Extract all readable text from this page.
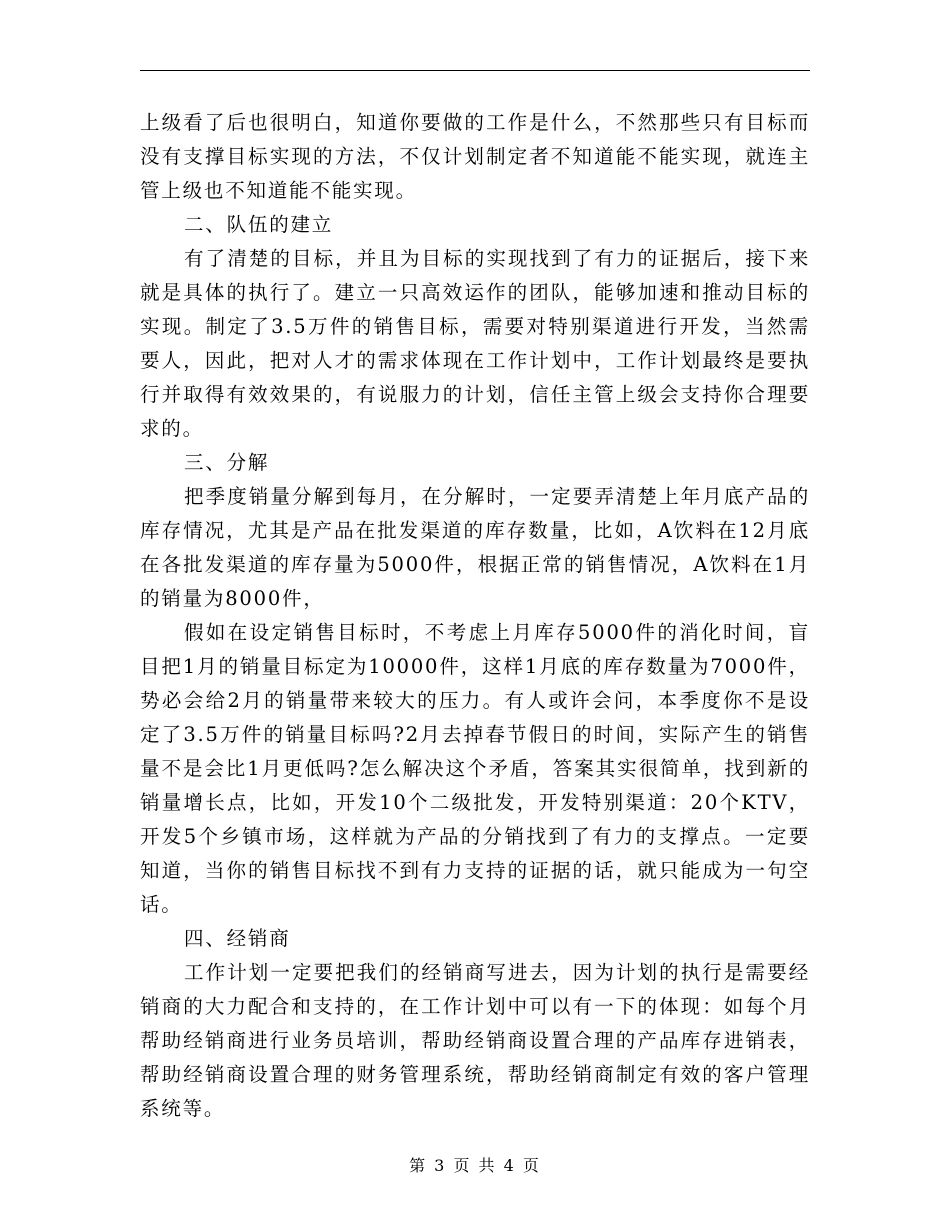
上级看了后也很明白，知道你要做的工作是什么，不然那些只有目标而没有支撑目标实现的方法，不仅计划制定者不知道能不能实现，就连主管上级也不知道能不能实现。

二、队伍的建立

有了清楚的目标，并且为目标的实现找到了有力的证据后，接下来就是具体的执行了。建立一只高效运作的团队，能够加速和推动目标的实现。制定了3.5万件的销售目标，需要对特别渠道进行开发，当然需要人，因此，把对人才的需求体现在工作计划中，工作计划最终是要执行并取得有效效果的，有说服力的计划，信任主管上级会支持你合理要求的。

三、分解

把季度销量分解到每月，在分解时，一定要弄清楚上年月底产品的库存情况，尤其是产品在批发渠道的库存数量，比如，A饮料在12月底在各批发渠道的库存量为5000件，根据正常的销售情况，A饮料在1月的销量为8000件，

假如在设定销售目标时，不考虑上月库存5000件的消化时间，盲目把1月的销量目标定为10000件，这样1月底的库存数量为7000件，势必会给2月的销量带来较大的压力。有人或许会问，本季度你不是设定了3.5万件的销量目标吗?2月去掉春节假日的时间，实际产生的销售量不是会比1月更低吗?怎么解决这个矛盾，答案其实很简单，找到新的销量增长点，比如，开发10个二级批发，开发特别渠道：20个KTV，开发5个乡镇市场，这样就为产品的分销找到了有力的支撑点。一定要知道，当你的销售目标找不到有力支持的证据的话，就只能成为一句空话。

四、经销商

工作计划一定要把我们的经销商写进去，因为计划的执行是需要经销商的大力配合和支持的，在工作计划中可以有一下的体现：如每个月帮助经销商进行业务员培训，帮助经销商设置合理的产品库存进销表，帮助经销商设置合理的财务管理系统，帮助经销商制定有效的客户管理系统等。

第 3 页 共 4 页
